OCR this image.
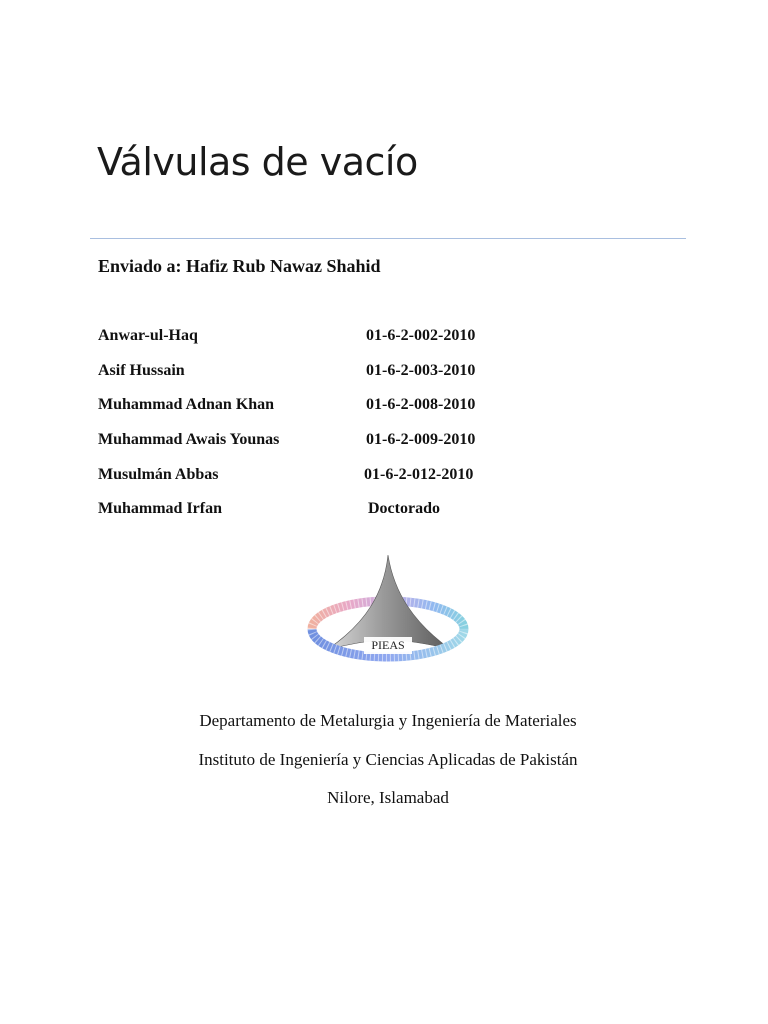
Válvulas de vacío
Enviado a: Hafiz Rub Nawaz Shahid
Anwar-ul-Haq	01-6-2-002-2010
Asif Hussain	01-6-2-003-2010
Muhammad Adnan Khan	01-6-2-008-2010
Muhammad Awais Younas	01-6-2-009-2010
Musulmán Abbas	01-6-2-012-2010
Muhammad Irfan	Doctorado
PIEAS
Departamento de Metalurgia y Ingeniería de Materiales
Instituto de Ingeniería y Ciencias Aplicadas de Pakistán
Nilore, Islamabad
